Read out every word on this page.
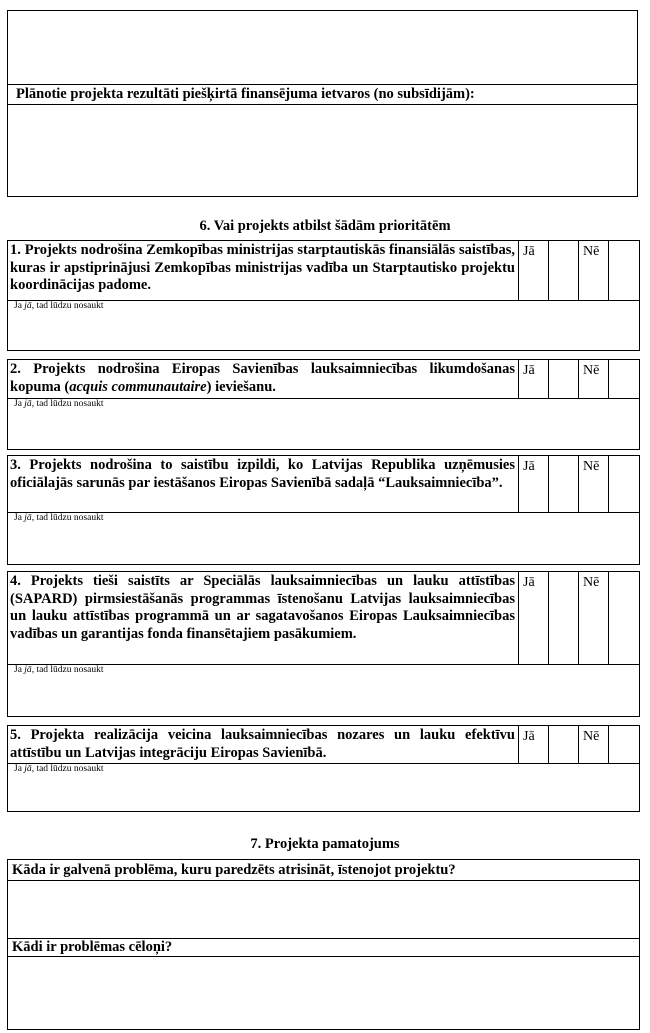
Plānotie projekta rezultāti piešķirtā finansējuma ietvaros (no subsīdijām):
6. Vai projekts atbilst šādām prioritātēm
1. Projekts nodrošina Zemkopības ministrijas starptautiskās finansiālās saistības, kuras ir apstiprinājusi Zemkopības ministrijas vadība un Starptautisko projektu koordinācijas padome.
Jā	Nē
Ja jā, tad lūdzu nosaukt
2. Projekts nodrošina Eiropas Savienības lauksaimniecības likumdošanas kopuma (acquis communautaire) ieviešanu.
Jā	Nē
Ja jā, tad lūdzu nosaukt
3. Projekts nodrošina to saistību izpildi, ko Latvijas Republika uzņēmusies oficiālajās sarunās par iestāšanos Eiropas Savienībā sadaļā “Lauksaimniecība”.
Jā	Nē
Ja jā, tad lūdzu nosaukt
4. Projekts tieši saistīts ar Speciālās lauksaimniecības un lauku attīstības (SAPARD) pirmsiestāšanās programmas īstenošanu Latvijas lauksaimniecības un lauku attīstības programmā un ar sagatavošanos Eiropas Lauksaimniecības vadības un garantijas fonda finansētajiem pasākumiem.
Jā	Nē
Ja jā, tad lūdzu nosaukt
5. Projekta realizācija veicina lauksaimniecības nozares un lauku efektīvu attīstību un Latvijas integrāciju Eiropas Savienībā.
Jā	Nē
Ja jā, tad lūdzu nosaukt
7. Projekta pamatojums
Kāda ir galvenā problēma, kuru paredzēts atrisināt, īstenojot projektu?
Kādi ir problēmas cēloņi?
